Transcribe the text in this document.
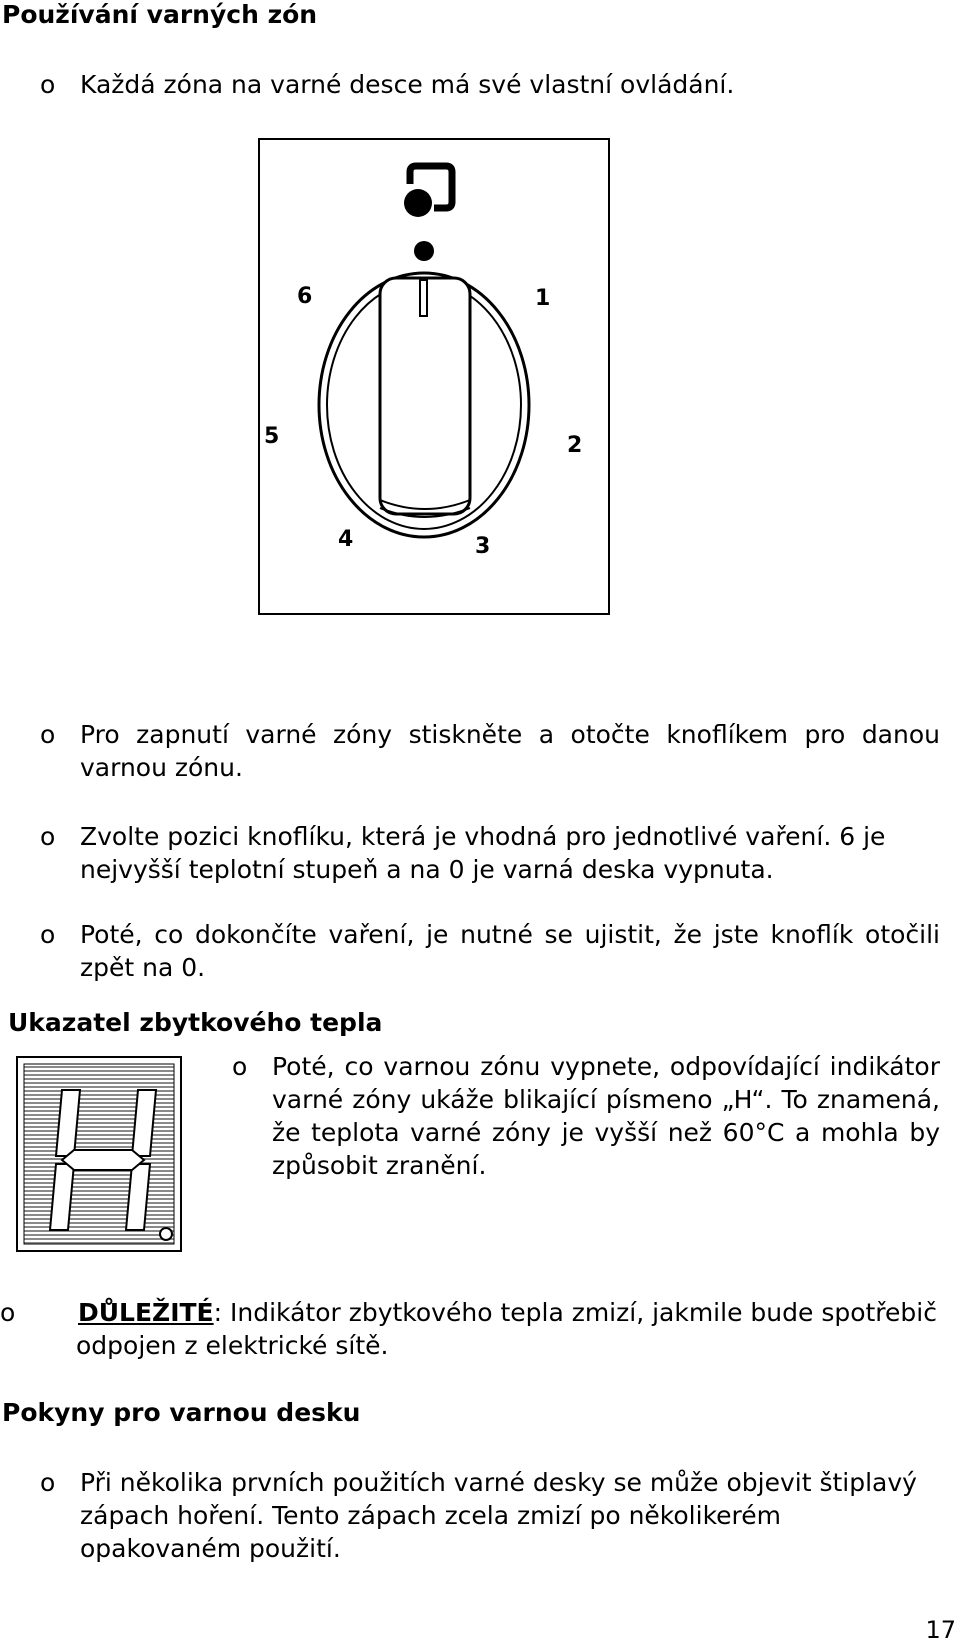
Používání varných zón
o Každá zóna na varné desce má své vlastní ovládání.
6	1
5	2
4	3
o Pro zapnutí varné zóny stiskněte a otočte knoflíkem pro danou varnou zónu.
o Zvolte pozici knoflíku, která je vhodná pro jednotlivé vaření. 6 je nejvyšší teplotní stupeň a na 0 je varná deska vypnuta.
o Poté, co dokončíte vaření, je nutné se ujistit, že jste knoflík otočili zpět na 0.
Ukazatel zbytkového tepla
o Poté, co varnou zónu vypnete, odpovídající indikátor varné zóny ukáže blikající písmeno „H“. To znamená, že teplota varné zóny je vyšší než 60°C a mohla by způsobit zranění.
o	DŮLEŽITÉ: Indikátor zbytkového tepla zmizí, jakmile bude spotřebič odpojen z elektrické sítě.
Pokyny pro varnou desku
o Při několika prvních použitích varné desky se může objevit štiplavý zápach hoření. Tento zápach zcela zmizí po několikerém opakovaném použití.
17
